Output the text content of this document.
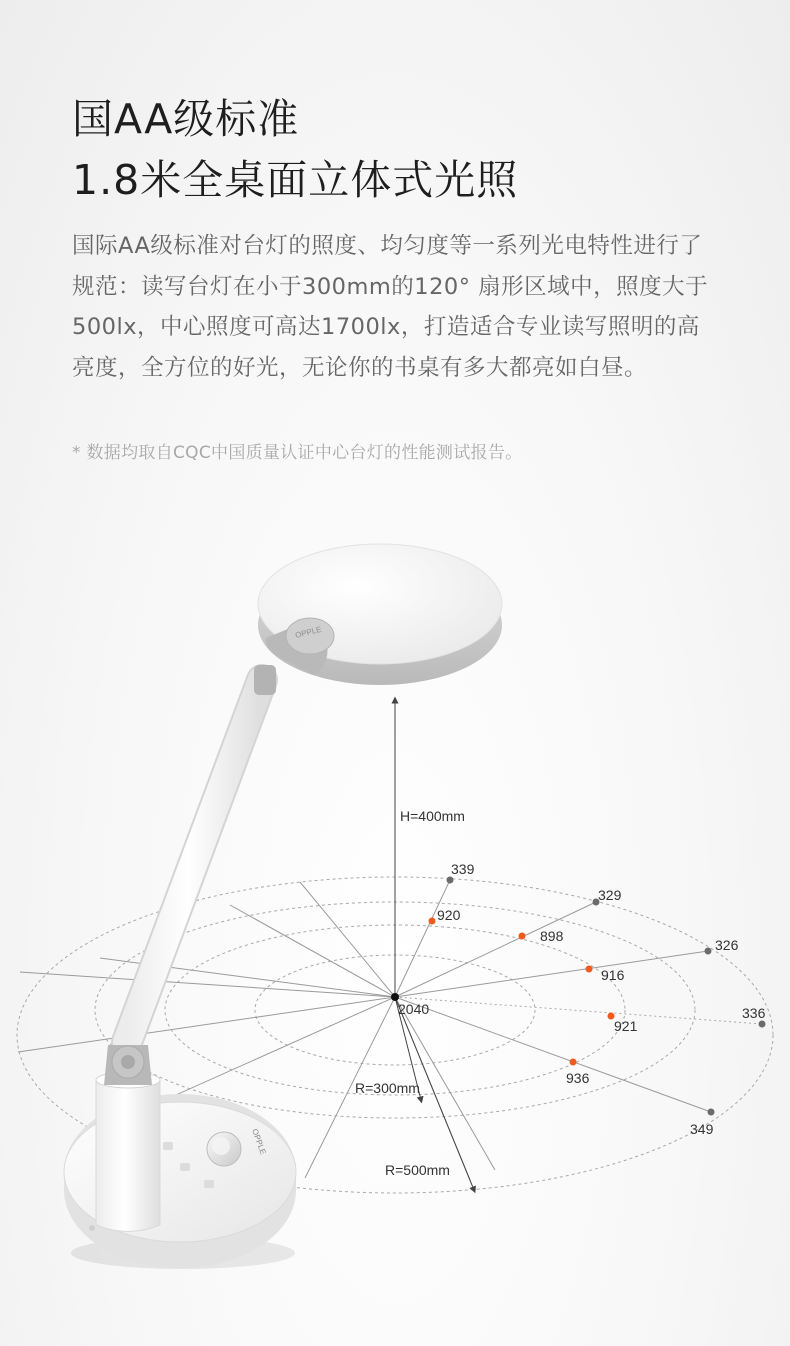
国AA级标准
1.8米全桌面立体式光照

国际AA级标准对台灯的照度、均匀度等一系列光电特性进行了规范：读写台灯在小于300mm的120° 扇形区域中，照度大于500lx，中心照度可高达1700lx，打造适合专业读写照明的高亮度，全方位的好光，无论你的书桌有多大都亮如白昼。

* 数据均取自CQC中国质量认证中心台灯的性能测试报告。

OPPLE
OPPLE
H=400mm
2040
920
898
916
921
936
339
329
326
336
349
R=300mm
R=500mm
